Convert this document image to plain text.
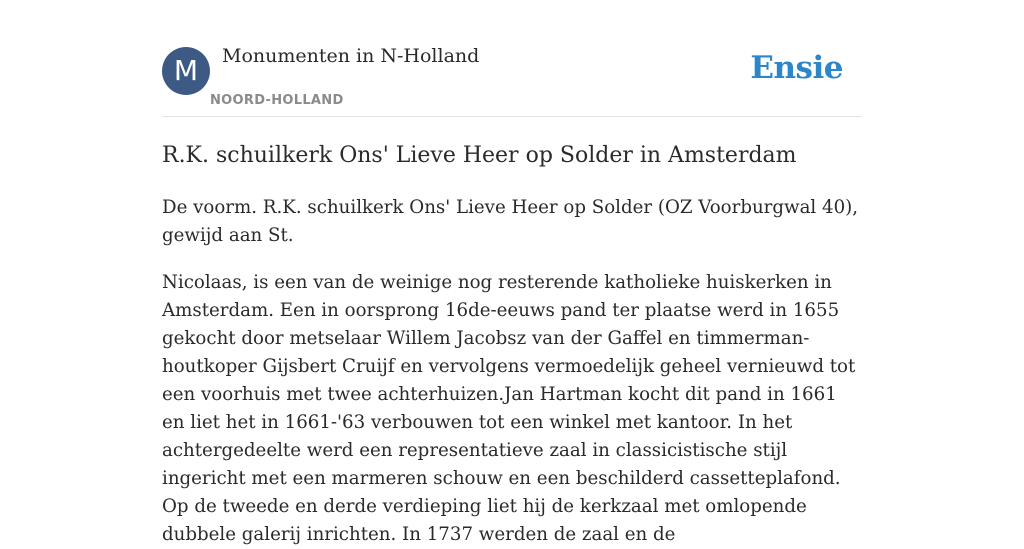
M	Monumenten in N-Holland
NOORD-HOLLAND
Ensie
R.K. schuilkerk Ons' Lieve Heer op Solder in Amsterdam

De voorm. R.K. schuilkerk Ons' Lieve Heer op Solder (OZ Voorburgwal 40), gewijd aan St.

Nicolaas, is een van de weinige nog resterende katholieke huiskerken in Amsterdam. Een in oorsprong 16de-eeuws pand ter plaatse werd in 1655 gekocht door metselaar Willem Jacobsz van der Gaffel en timmerman-houtkoper Gijsbert Cruijf en vervolgens vermoedelijk geheel vernieuwd tot een voorhuis met twee achterhuizen.Jan Hartman kocht dit pand in 1661 en liet het in 1661-'63 verbouwen tot een winkel met kantoor. In het achtergedeelte werd een representatieve zaal in classicistische stijl ingericht met een marmeren schouw en een beschilderd cassetteplafond. Op de tweede en derde verdieping liet hij de kerkzaal met omlopende dubbele galerij inrichten. In 1737 werden de zaal en de
